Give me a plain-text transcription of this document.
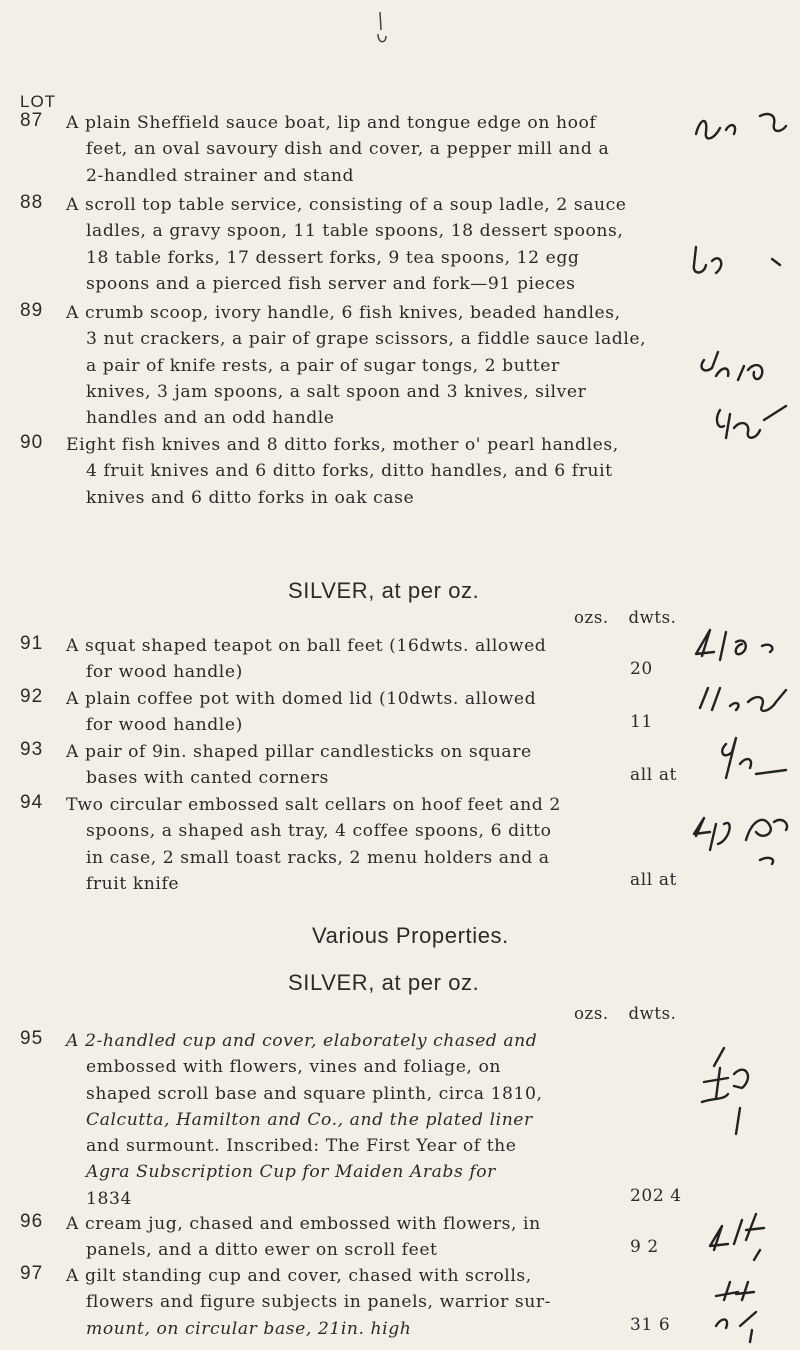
LOT
87 A plain Sheffield sauce boat, lip and tongue edge on hoof
feet, an oval savoury dish and cover, a pepper mill and a
2-handled strainer and stand
88 A scroll top table service, consisting of a soup ladle, 2 sauce
ladles, a gravy spoon, 11 table spoons, 18 dessert spoons,
18 table forks, 17 dessert forks, 9 tea spoons, 12 egg
spoons and a pierced fish server and fork—91 pieces
89 A crumb scoop, ivory handle, 6 fish knives, beaded handles,
3 nut crackers, a pair of grape scissors, a fiddle sauce ladle,
a pair of knife rests, a pair of sugar tongs, 2 butter
knives, 3 jam spoons, a salt spoon and 3 knives, silver
handles and an odd handle
90 Eight fish knives and 8 ditto forks, mother o' pearl handles,
4 fruit knives and 6 ditto forks, ditto handles, and 6 fruit
knives and 6 ditto forks in oak case
SILVER, at per oz.
ozs. dwts.
91 A squat shaped teapot on ball feet (16dwts. allowed
for wood handle)	20
92 A plain coffee pot with domed lid (10dwts. allowed
for wood handle)	11
93 A pair of 9in. shaped pillar candlesticks on square
bases with canted corners	all at
94 Two circular embossed salt cellars on hoof feet and 2
spoons, a shaped ash tray, 4 coffee spoons, 6 ditto
in case, 2 small toast racks, 2 menu holders and a
fruit knife	all at
Various Properties.
SILVER, at per oz.
ozs. dwts.
95 A 2-handled cup and cover, elaborately chased and
embossed with flowers, vines and foliage, on
shaped scroll base and square plinth, circa 1810,
Calcutta, Hamilton and Co., and the plated liner
and surmount. Inscribed: The First Year of the
Agra Subscription Cup for Maiden Arabs for
1834	202 4
96 A cream jug, chased and embossed with flowers, in
panels, and a ditto ewer on scroll feet	9 2
97 A gilt standing cup and cover, chased with scrolls,
flowers and figure subjects in panels, warrior sur-
mount, on circular base, 21in. high	31 6
